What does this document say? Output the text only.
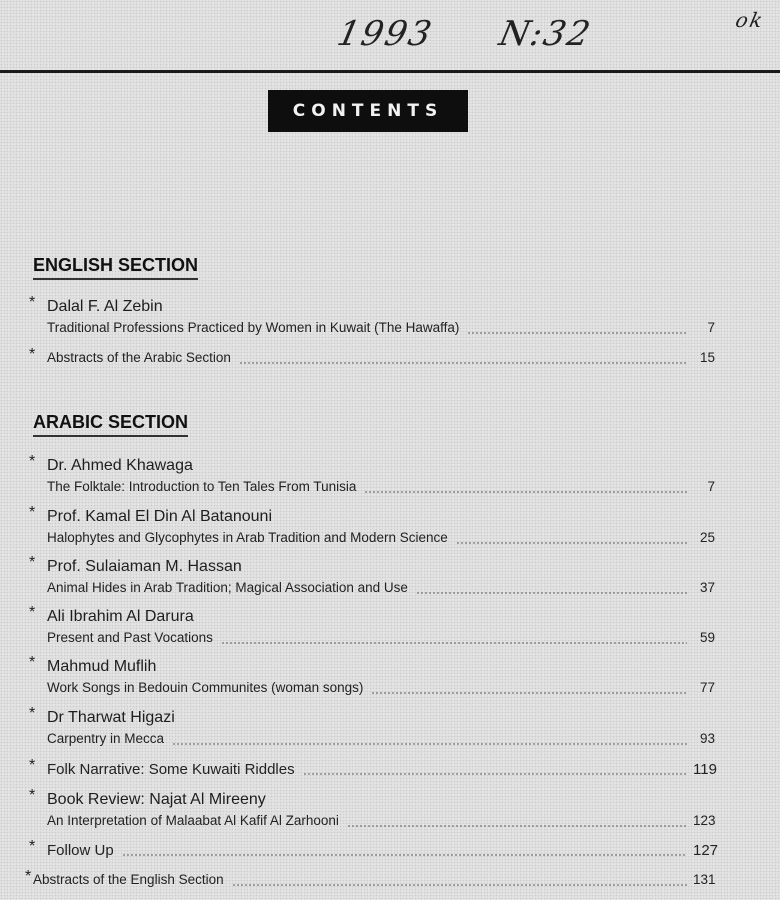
1993 N:32	ok
CONTENTS
ENGLISH SECTION
* Dalal F. Al Zebin
Traditional Professions Practiced by Women in Kuwait (The Hawaffa)	7
* Abstracts of the Arabic Section	15
ARABIC SECTION
* Dr. Ahmed Khawaga
The Folktale: Introduction to Ten Tales From Tunisia	7
* Prof. Kamal El Din Al Batanouni
Halophytes and Glycophytes in Arab Tradition and Modern Science	25
* Prof. Sulaiaman M. Hassan
Animal Hides in Arab Tradition; Magical Association and Use	37
* Ali Ibrahim Al Darura
Present and Past Vocations	59
* Mahmud Muflih
Work Songs in Bedouin Communites (woman songs)	77
* Dr Tharwat Higazi
Carpentry in Mecca	93
* Folk Narrative: Some Kuwaiti Riddles	119
* Book Review: Najat Al Mireeny
An Interpretation of Malaabat Al Kafif Al Zarhooni	123
* Follow Up	127
* Abstracts of the English Section	131
